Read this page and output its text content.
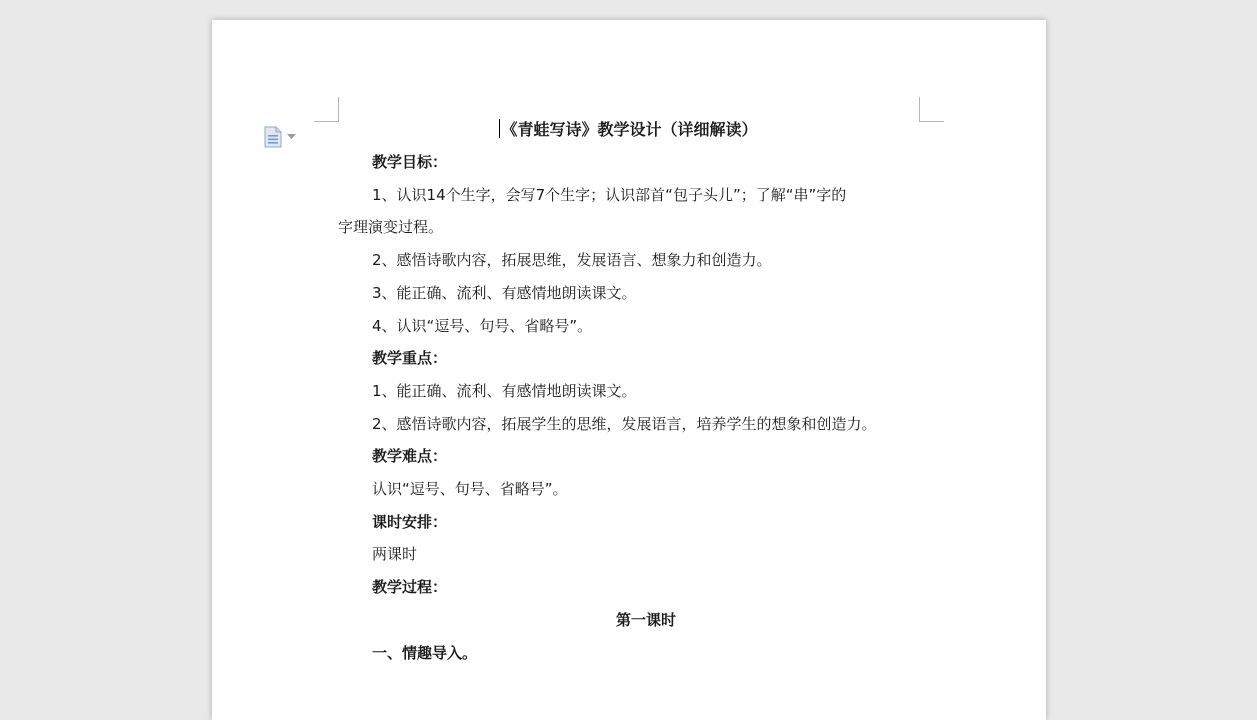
《青蛙写诗》教学设计（详细解读）
教学目标：
1、认识14个生字，会写7个生字；认识部首“包子头儿”；了解“串”字的
字理演变过程。
2、感悟诗歌内容，拓展思维，发展语言、想象力和创造力。
3、能正确、流利、有感情地朗读课文。
4、认识“逗号、句号、省略号”。
教学重点：
1、能正确、流利、有感情地朗读课文。
2、感悟诗歌内容，拓展学生的思维，发展语言，培养学生的想象和创造力。
教学难点：
认识“逗号、句号、省略号”。
课时安排：
两课时
教学过程：
第一课时
一、情趣导入。
